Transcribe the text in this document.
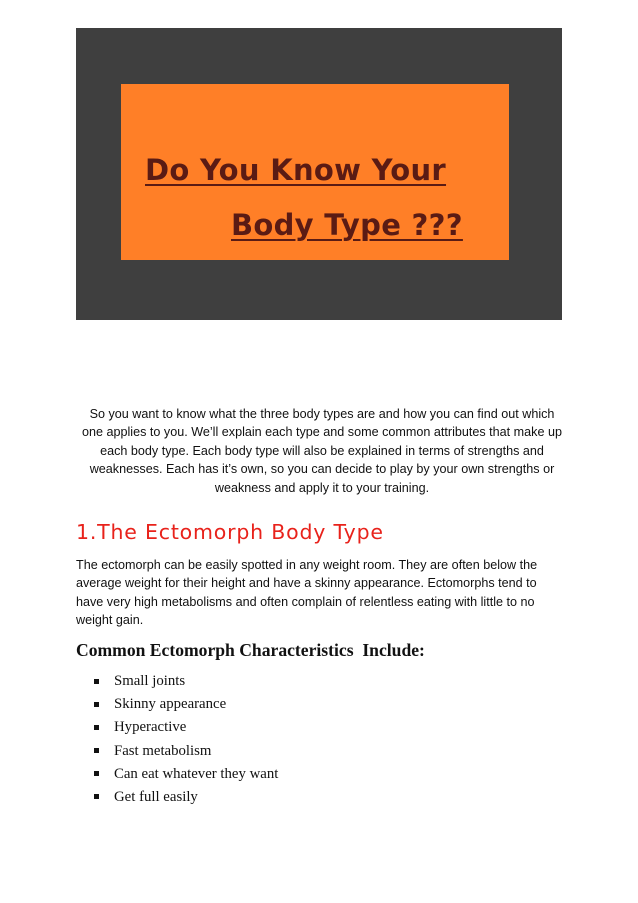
Do You Know Your
Body Type ???

So you want to know what the three body types are and how you can find out which one applies to you. We’ll explain each type and some common attributes that make up each body type. Each body type will also be explained in terms of strengths and weaknesses. Each has it’s own, so you can decide to play by your own strengths or weakness and apply it to your training.

1.The Ectomorph Body Type

The ectomorph can be easily spotted in any weight room. They are often below the average weight for their height and have a skinny appearance. Ectomorphs tend to have very high metabolisms and often complain of relentless eating with little to no weight gain.

Common Ectomorph Characteristics  Include:
Small joints
Skinny appearance
Hyperactive
Fast metabolism
Can eat whatever they want
Get full easily
